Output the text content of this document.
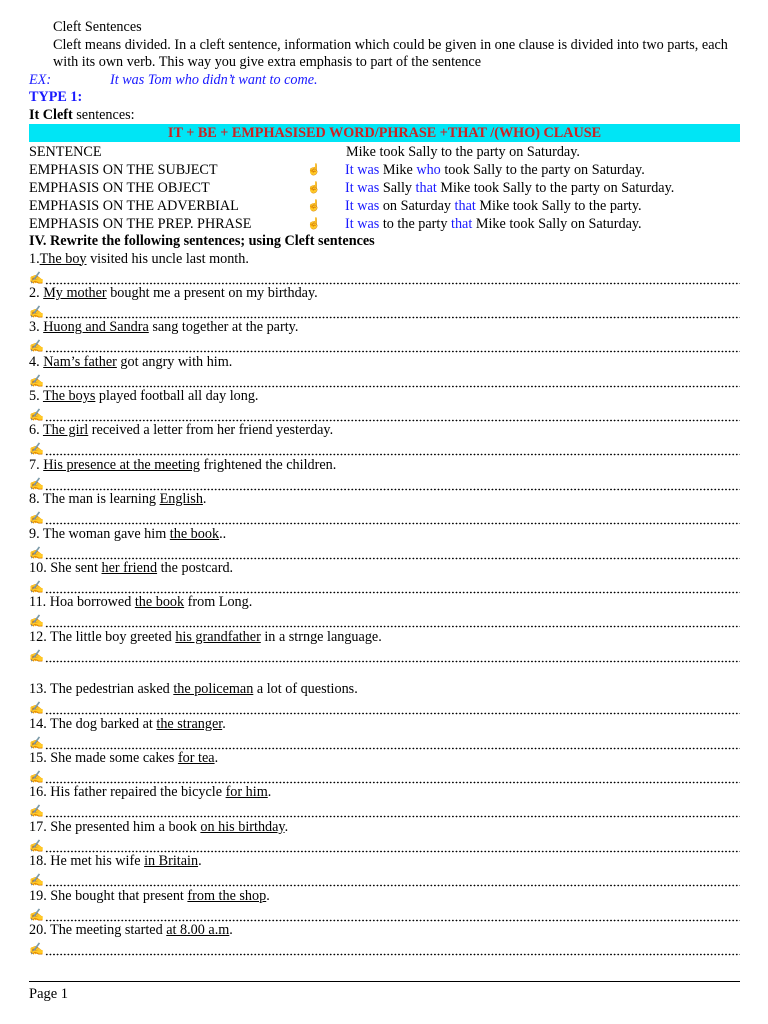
Cleft Sentences
Cleft means divided. In a cleft sentence, information which could be given in one clause is divided into two parts, each with its own verb. This way you give extra emphasis to part of the sentence
EX:	It was Tom who didn’t want to come.
TYPE 1:
It Cleft sentences:
IT + BE + EMPHASISED WORD/PHRASE +THAT /(WHO) CLAUSE
SENTENCE	Mike took Sally to the party on Saturday.
EMPHASIS ON THE SUBJECT	☝	It was Mike who took Sally to the party on Saturday.
EMPHASIS ON THE OBJECT	☝	It was Sally that Mike took Sally to the party on Saturday.
EMPHASIS ON THE ADVERBIAL	☝	It was on Saturday that Mike took Sally to the party.
EMPHASIS ON THE PREP. PHRASE	☝	It was to the party that Mike took Sally on Saturday.
IV. Rewrite the following sentences; using Cleft sentences
1.The boy visited his uncle last month.
✍
2. My mother bought me a present on my birthday.
✍
3. Huong and Sandra sang together at the party.
✍
4. Nam’s father got angry with him.
✍
5. The boys played football all day long.
✍
6. The girl received a letter from her friend yesterday.
✍
7. His presence at the meeting frightened the children.
✍
8. The man is learning English.
✍
9. The woman gave him the book..
✍
10. She sent her friend the postcard.
✍
11. Hoa borrowed the book from Long.
✍
12. The little boy greeted his grandfather in a strnge language.
✍
13. The pedestrian asked the policeman a lot of questions.
✍
14. The dog barked at the stranger.
✍
15. She made some cakes for tea.
✍
16. His father repaired the bicycle for him.
✍
17. She presented him a book on his birthday.
✍
18. He met his wife in Britain.
✍
19. She bought that present from the shop.
✍
20. The meeting started at 8.00 a.m.
✍
Page 1
